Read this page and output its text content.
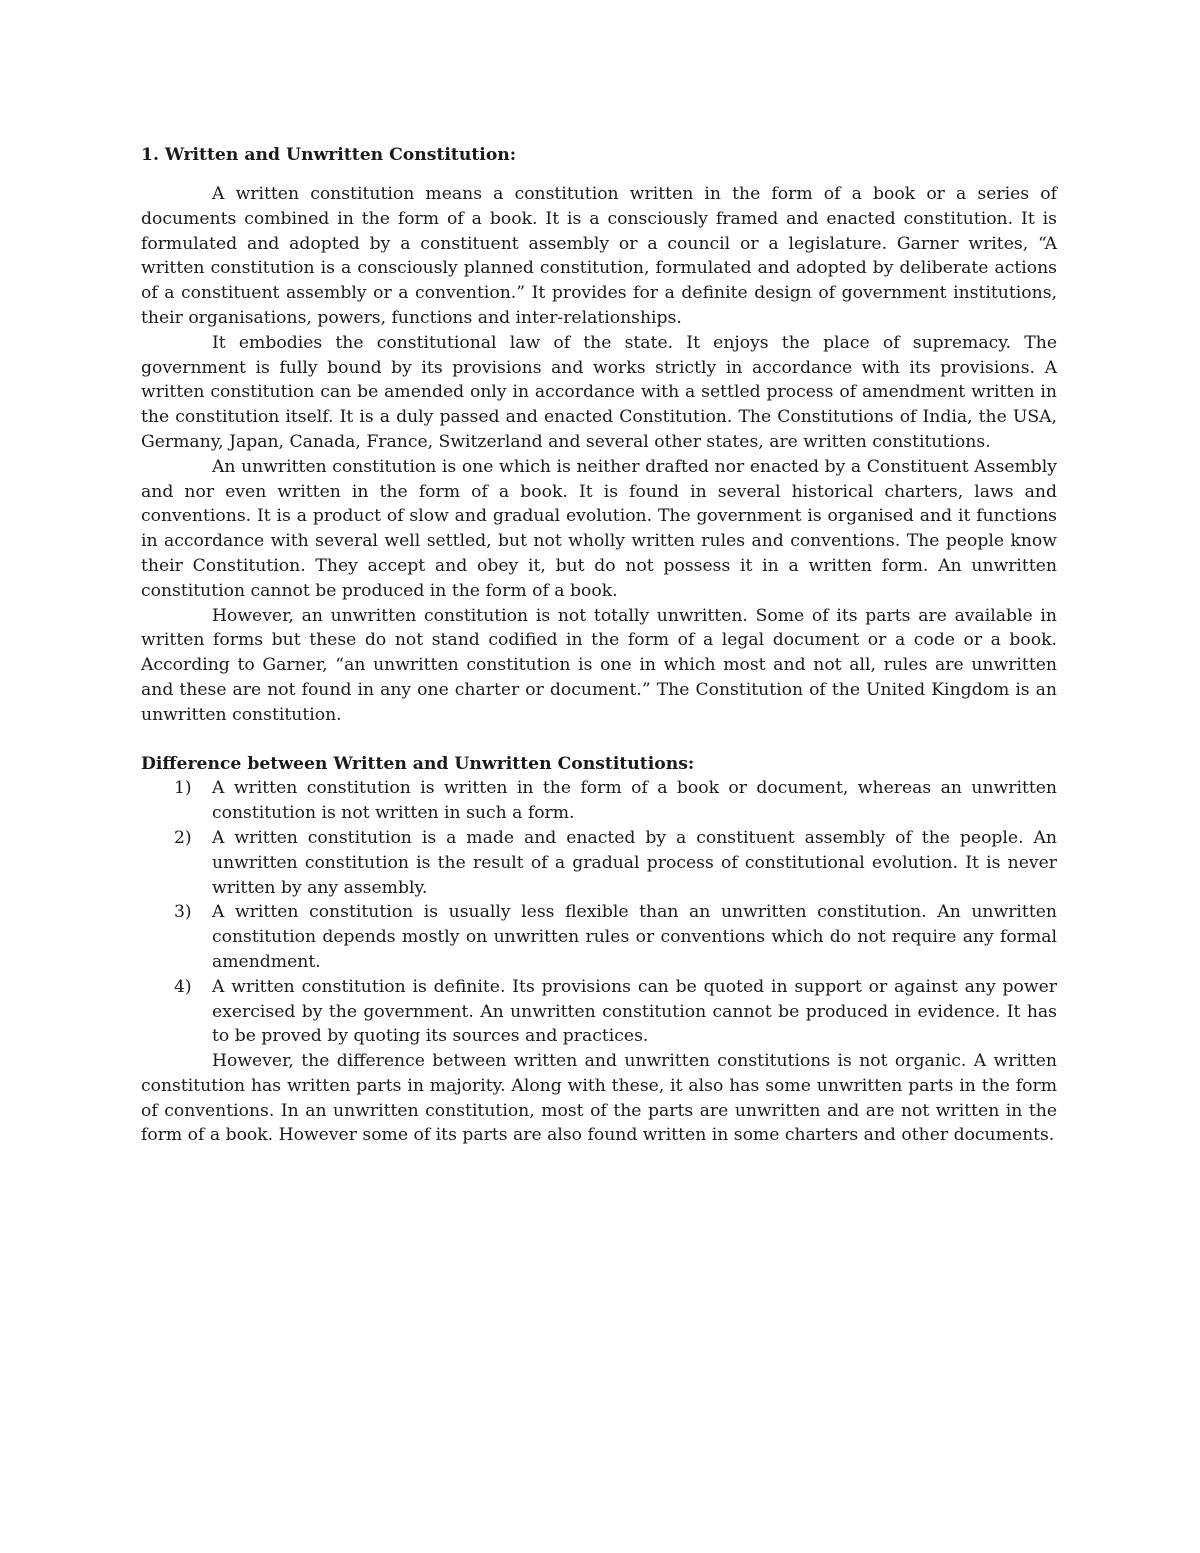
1. Written and Unwritten Constitution:

A written constitution means a constitution written in the form of a book or a series of documents combined in the form of a book. It is a consciously framed and enacted constitution. It is formulated and adopted by a constituent assembly or a council or a legislature. Garner writes, “A written constitution is a consciously planned constitution, formulated and adopted by deliberate actions of a constituent assembly or a convention.” It provides for a definite design of government institutions, their organisations, powers, functions and inter-relationships.

It embodies the constitutional law of the state. It enjoys the place of supremacy. The government is fully bound by its provisions and works strictly in accordance with its provisions. A written constitution can be amended only in accordance with a settled process of amendment written in the constitution itself. It is a duly passed and enacted Constitution. The Constitutions of India, the USA, Germany, Japan, Canada, France, Switzerland and several other states, are written constitutions.

An unwritten constitution is one which is neither drafted nor enacted by a Constituent Assembly and nor even written in the form of a book. It is found in several historical charters, laws and conventions. It is a product of slow and gradual evolution. The government is organised and it functions in accordance with several well settled, but not wholly written rules and conventions. The people know their Constitution. They accept and obey it, but do not possess it in a written form. An unwritten constitution cannot be produced in the form of a book.

However, an unwritten constitution is not totally unwritten. Some of its parts are available in written forms but these do not stand codified in the form of a legal document or a code or a book. According to Garner, “an unwritten constitution is one in which most and not all, rules are unwritten and these are not found in any one charter or document.” The Constitution of the United Kingdom is an unwritten constitution.

Difference between Written and Unwritten Constitutions:

1) A written constitution is written in the form of a book or document, whereas an unwritten constitution is not written in such a form.
2) A written constitution is a made and enacted by a constituent assembly of the people. An unwritten constitution is the result of a gradual process of constitutional evolution. It is never written by any assembly.
3) A written constitution is usually less flexible than an unwritten constitution. An unwritten constitution depends mostly on unwritten rules or conventions which do not require any formal amendment.
4) A written constitution is definite. Its provisions can be quoted in support or against any power exercised by the government. An unwritten constitution cannot be produced in evidence. It has to be proved by quoting its sources and practices.

However, the difference between written and unwritten constitutions is not organic. A written constitution has written parts in majority. Along with these, it also has some unwritten parts in the form of conventions. In an unwritten constitution, most of the parts are unwritten and are not written in the form of a book. However some of its parts are also found written in some charters and other documents.
